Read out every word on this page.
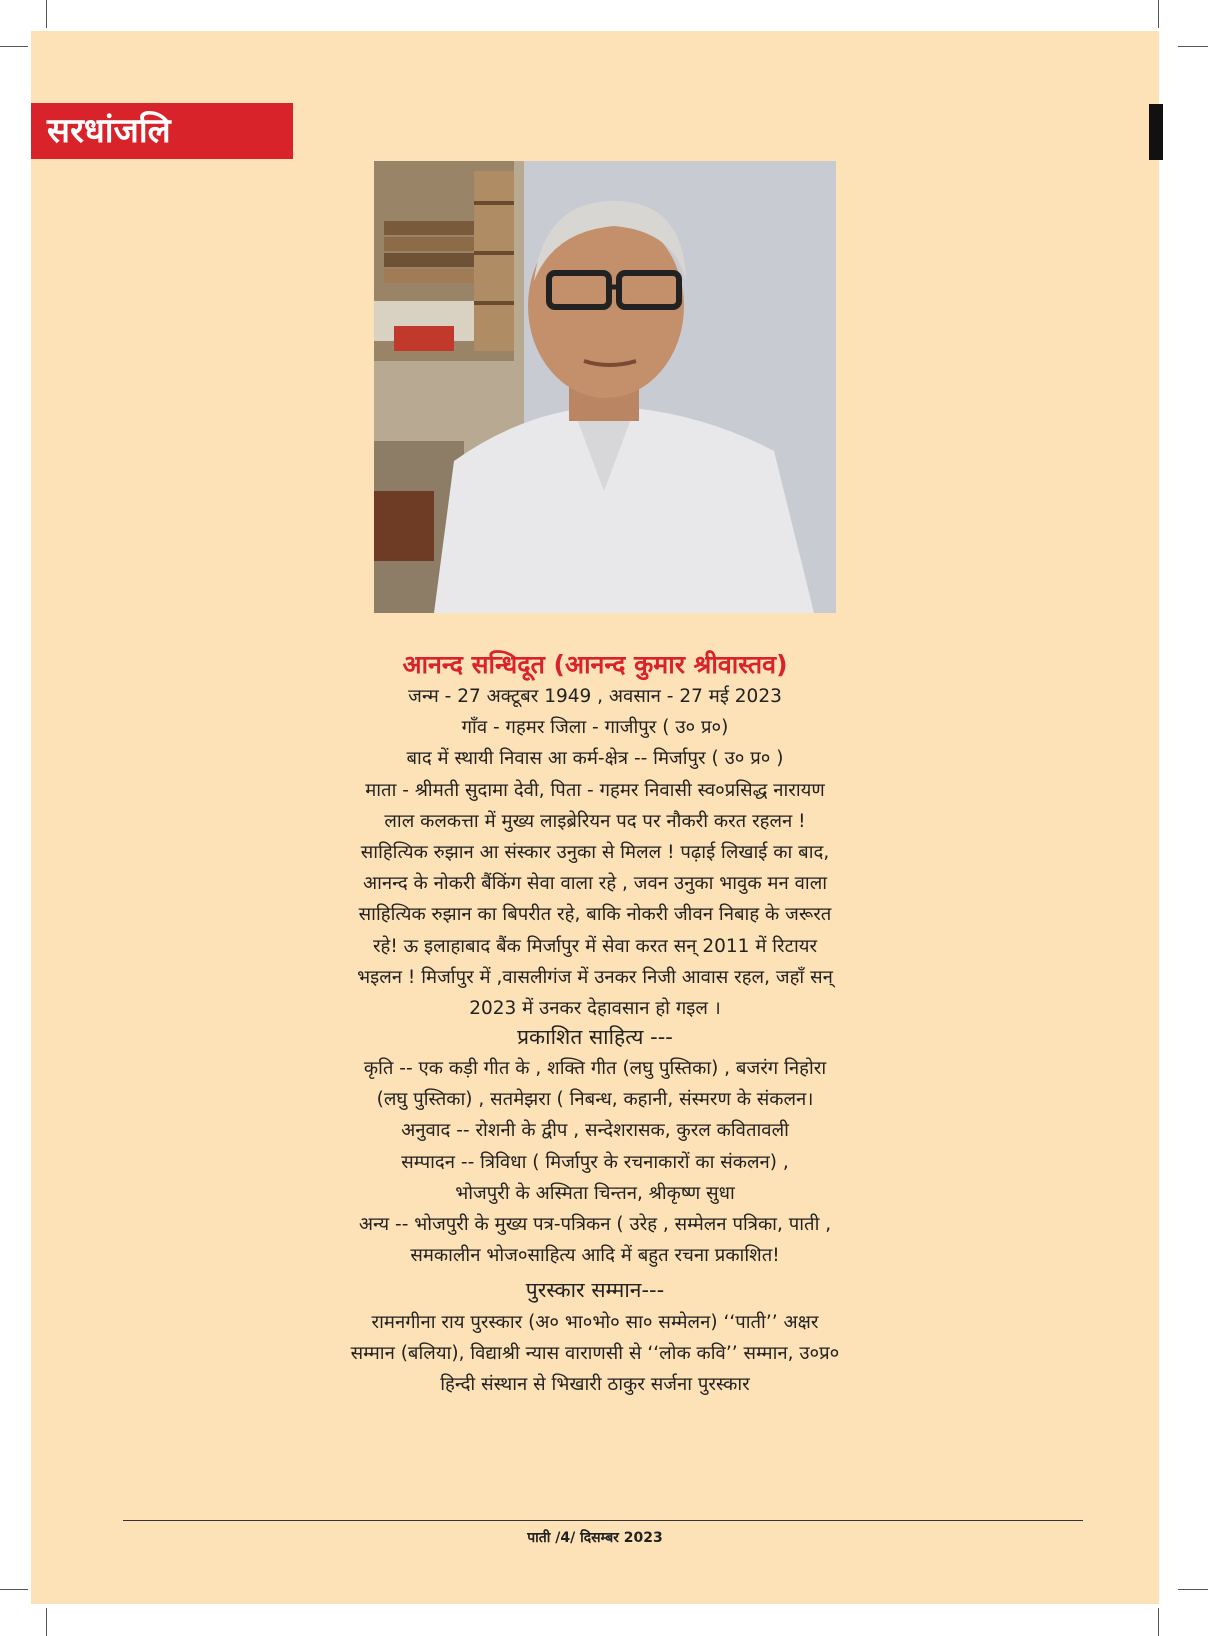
सरधांजलि
आनन्द सन्धिदूत (आनन्द कुमार श्रीवास्तव)
जन्म - 27 अक्टूबर 1949 , अवसान - 27 मई 2023
गाँव - गहमर जिला - गाजीपुर ( उ० प्र०)
बाद में स्थायी निवास आ कर्म-क्षेत्र -- मिर्जापुर ( उ० प्र० )
माता - श्रीमती सुदामा देवी, पिता - गहमर निवासी स्व०प्रसिद्ध नारायण
लाल कलकत्ता में मुख्य लाइब्रेरियन पद पर नौकरी करत रहलन !
साहित्यिक रुझान आ संस्कार उनुका से मिलल ! पढ़ाई लिखाई का बाद,
आनन्द के नोकरी बैंकिंग सेवा वाला रहे , जवन उनुका भावुक मन वाला
साहित्यिक रुझान का बिपरीत रहे, बाकि नोकरी जीवन निबाह के जरूरत
रहे! ऊ इलाहाबाद बैंक मिर्जापुर में सेवा करत सन् 2011 में रिटायर
भइलन ! मिर्जापुर में ,वासलीगंज में उनकर निजी आवास रहल, जहाँ सन्
2023 में उनकर देहावसान हो गइल ।
प्रकाशित साहित्य ---
कृति -- एक कड़ी गीत के , शक्ति गीत (लघु पुस्तिका) , बजरंग निहोरा
(लघु पुस्तिका) , सतमेझरा ( निबन्ध, कहानी, संस्मरण के संकलन।
अनुवाद -- रोशनी के द्वीप , सन्देशरासक, कुरल कवितावली
सम्पादन -- त्रिविधा ( मिर्जापुर के रचनाकारों का संकलन) ,
भोजपुरी के अस्मिता चिन्तन, श्रीकृष्ण सुधा
अन्य -- भोजपुरी के मुख्य पत्र-पत्रिकन ( उरेह , सम्मेलन पत्रिका, पाती ,
समकालीन भोज०साहित्य आदि में बहुत रचना प्रकाशित!
पुरस्कार सम्मान---
रामनगीना राय पुरस्कार (अ० भा०भो० सा० सम्मेलन) ‘‘पाती’’ अक्षर
सम्मान (बलिया), विद्याश्री न्यास वाराणसी से ‘‘लोक कवि’’ सम्मान, उ०प्र०
हिन्दी संस्थान से भिखारी ठाकुर सर्जना पुरस्कार
पाती /4/ दिसम्बर 2023
